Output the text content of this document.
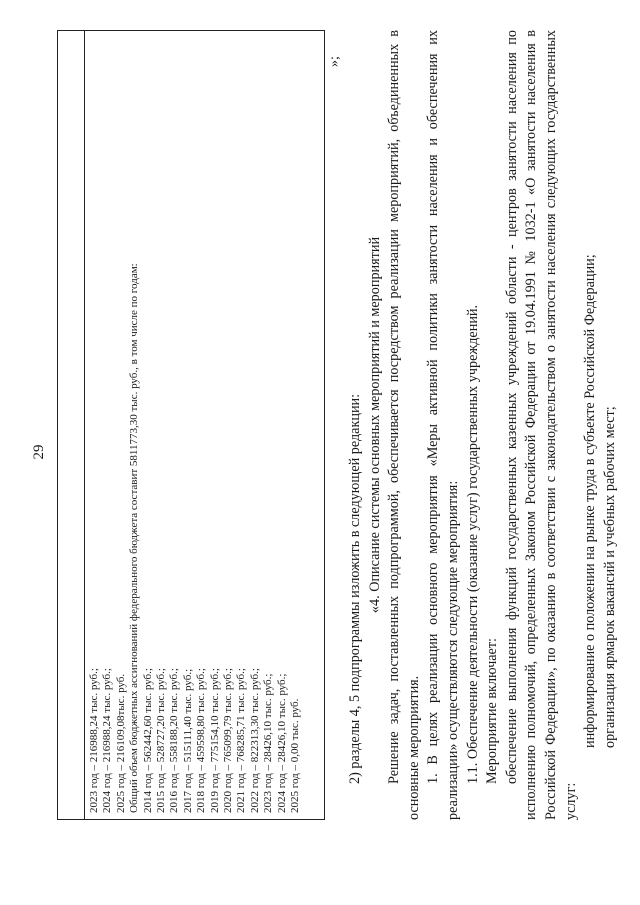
29
2023 год – 216988,24 тыс. руб.; 2024 год – 216988,24 тыс. руб.; 2025 год – 216109,08тыс. руб. Общий объем бюджетных ассигнований федерального бюджета составит 5811773,30 тыс. руб., в том числе по годам: 2014 год – 562442,60 тыс. руб.; 2015 год – 528727,20 тыс. руб.; 2016 год – 558188,20 тыс. руб.; 2017 год – 515111,40 тыс. руб.; 2018 год – 459598,80 тыс. руб.; 2019 год – 775154,10 тыс. руб.; 2020 год – 765099,79 тыс. руб.; 2021 год – 768285,71 тыс. руб.; 2022 год – 822313,30 тыс. руб.; 2023 год – 28426,10 тыс. руб.; 2024 год – 28426,10 тыс. руб.; 2025 год – 0,00 тыс. руб.
»;

2) разделы 4, 5 подпрограммы изложить в следующей редакции: «4. Описание системы основных мероприятий и мероприятий Решение задач, поставленных подпрограммой, обеспечивается посредством реализации мероприятий, объединенных в основные мероприятия. 1. В целях реализации основного мероприятия «Меры активной политики занятости населения и обеспечения их реализации» осуществляются следующие мероприятия: 1.1. Обеспечение деятельности (оказание услуг) государственных учреждений. Мероприятие включает: обеспечение выполнения функций государственных казенных учреждений области - центров занятости населения по исполнению полномочий, определенных Законом Российской Федерации от 19.04.1991 № 1032-1 «О занятости населения в Российской Федерации», по оказанию в соответствии с законодательством о занятости населения следующих государственных услуг:

информирование о положении на рынке труда в субъекте Российской Федерации; организация ярмарок вакансий и учебных рабочих мест;
